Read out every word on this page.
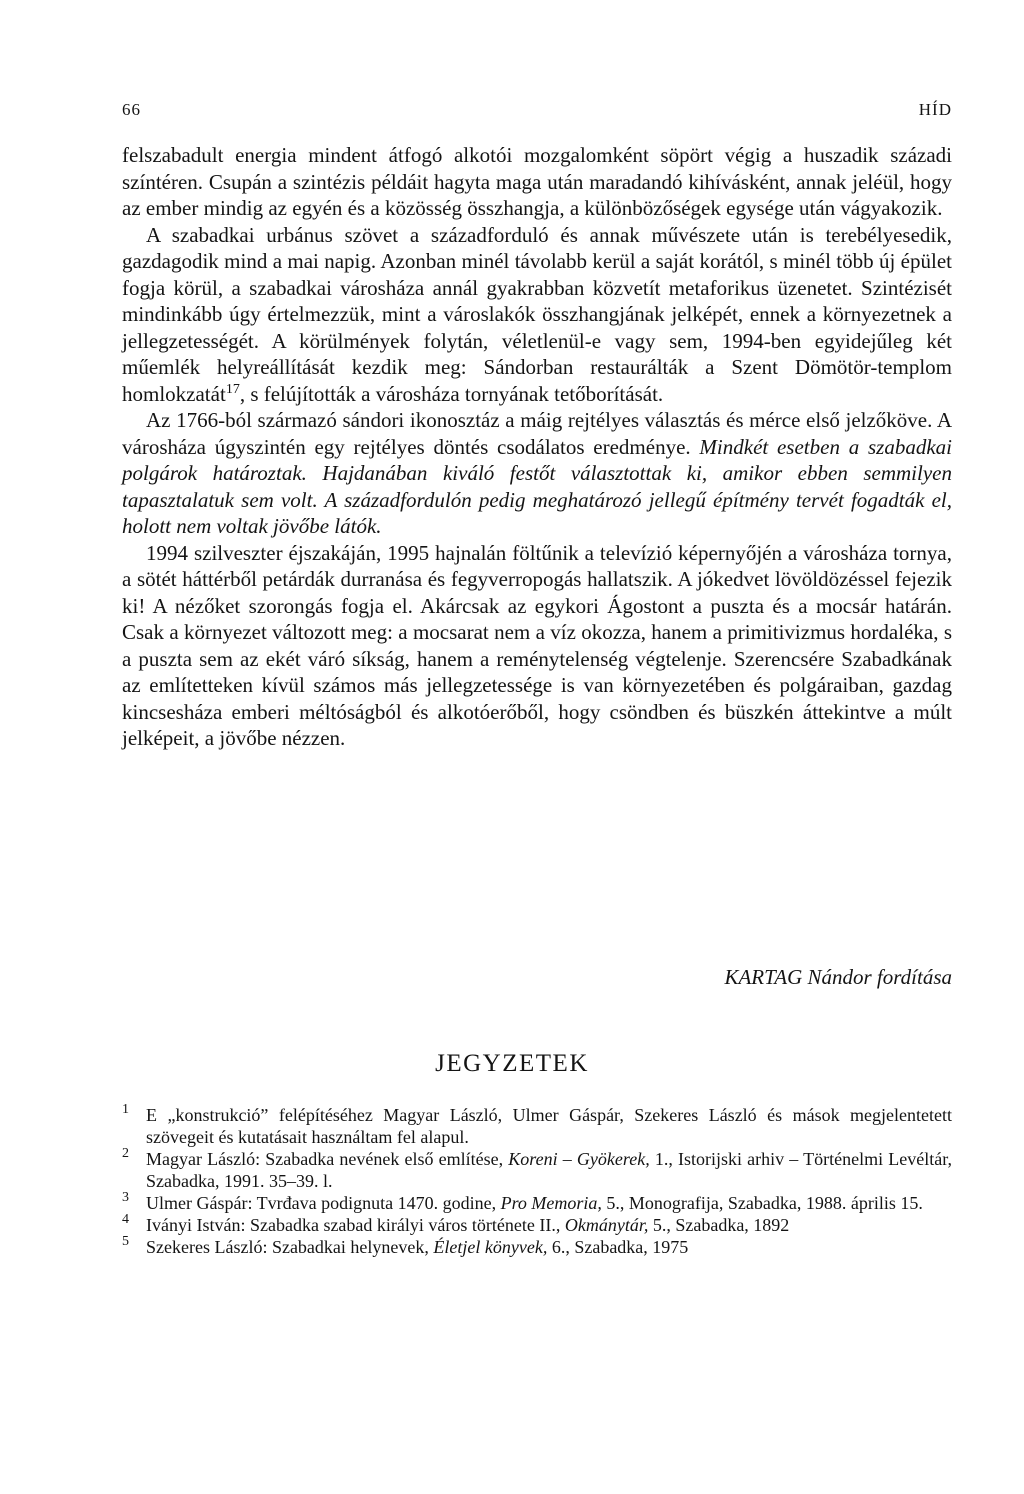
66	HÍD

felszabadult energia mindent átfogó alkotói mozgalomként söpört végig a huszadik századi színtéren. Csupán a szintézis példáit hagyta maga után maradandó kihívásként, annak jeléül, hogy az ember mindig az egyén és a közösség összhangja, a különbözőségek egysége után vágyakozik.

A szabadkai urbánus szövet a századforduló és annak művészete után is terebélyesedik, gazdagodik mind a mai napig. Azonban minél távolabb kerül a saját korától, s minél több új épület fogja körül, a szabadkai városháza annál gyakrabban közvetít metaforikus üzenetet. Szintézisét mindinkább úgy értelmezzük, mint a városlakók összhangjának jelképét, ennek a környezetnek a jellegzetességét. A körülmények folytán, véletlenül-e vagy sem, 1994-ben egyidejűleg két műemlék helyreállítását kezdik meg: Sándorban restaurálták a Szent Dömötör-templom homlokzatát$^{17}$, s felújították a városháza tornyának tetőborítását.

Az 1766-ból származó sándori ikonosztáz a máig rejtélyes választás és mérce első jelzőköve. A városháza úgyszintén egy rejtélyes döntés csodálatos eredménye. Mindkét esetben a szabadkai polgárok határoztak. Hajdanában kiváló festőt választottak ki, amikor ebben semmilyen tapasztalatuk sem volt. A századfordulón pedig meghatározó jellegű építmény tervét fogadták el, holott nem voltak jövőbe látók.

1994 szilveszter éjszakáján, 1995 hajnalán föltűnik a televízió képernyőjén a városháza tornya, a sötét háttérből petárdák durranása és fegyverropogás hallatszik. A jókedvet lövöldözéssel fejezik ki! A nézőket szorongás fogja el. Akárcsak az egykori Ágostont a puszta és a mocsár határán. Csak a környezet változott meg: a mocsarat nem a víz okozza, hanem a primitivizmus hordaléka, s a puszta sem az ekét váró síkság, hanem a reménytelenség végtelenje. Szerencsére Szabadkának az említetteken kívül számos más jellegzetessége is van környezetében és polgáraiban, gazdag kincsesháza emberi méltóságból és alkotóerőből, hogy csöndben és büszkén áttekintve a múlt jelképeit, a jövőbe nézzen.

KARTAG Nándor fordítása
JEGYZETEK
1 E „konstrukció” felépítéséhez Magyar László, Ulmer Gáspár, Szekeres László és mások megjelentetett szövegeit és kutatásait használtam fel alapul.
2 Magyar László: Szabadka nevének első említése, Koreni – Gyökerek, 1., Istorijski arhiv – Történelmi Levéltár, Szabadka, 1991. 35–39. l.
3 Ulmer Gáspár: Tvrđava podignuta 1470. godine, Pro Memoria, 5., Monografija, Szabadka, 1988. április 15.
4 Iványi István: Szabadka szabad királyi város története II., Okmánytár, 5., Szabadka, 1892
5 Szekeres László: Szabadkai helynevek, Életjel könyvek, 6., Szabadka, 1975
